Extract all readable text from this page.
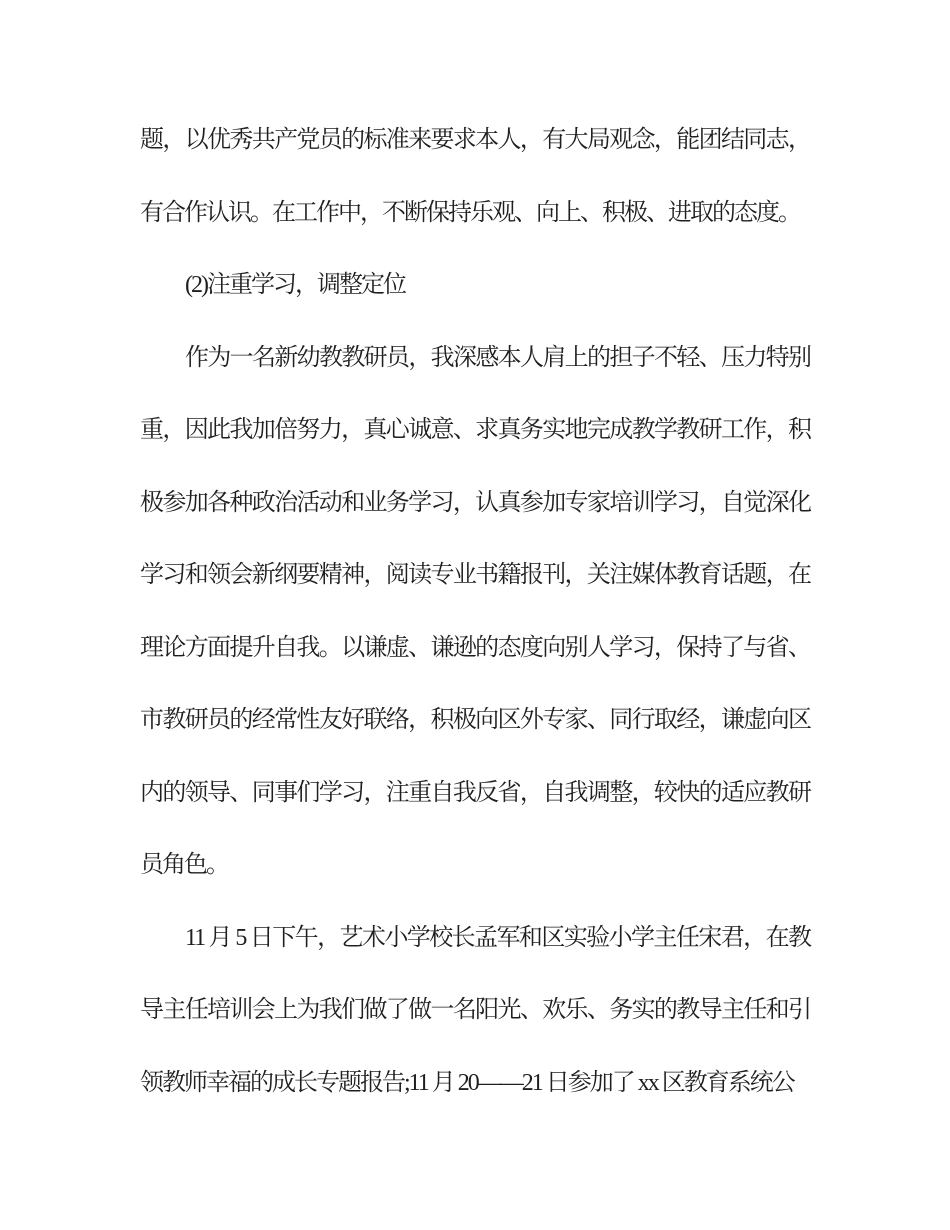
题，以优秀共产党员的标准来要求本人，有大局观念，能团结同志，有合作认识。在工作中，不断保持乐观、向上、积极、进取的态度。

(2)注重学习，调整定位

作为一名新幼教教研员，我深感本人肩上的担子不轻、压力特别重，因此我加倍努力，真心诚意、求真务实地完成教学教研工作，积极参加各种政治活动和业务学习，认真参加专家培训学习，自觉深化学习和领会新纲要精神，阅读专业书籍报刊，关注媒体教育话题，在理论方面提升自我。以谦虚、谦逊的态度向别人学习，保持了与省、市教研员的经常性友好联络，积极向区外专家、同行取经，谦虚向区内的领导、同事们学习，注重自我反省，自我调整，较快的适应教研员角色。

11 月 5 日下午，艺术小学校长孟军和区实验小学主任宋君，在教导主任培训会上为我们做了做一名阳光、欢乐、务实的教导主任和引领教师幸福的成长专题报告;11 月 20——21 日参加了 xx 区教育系统公
